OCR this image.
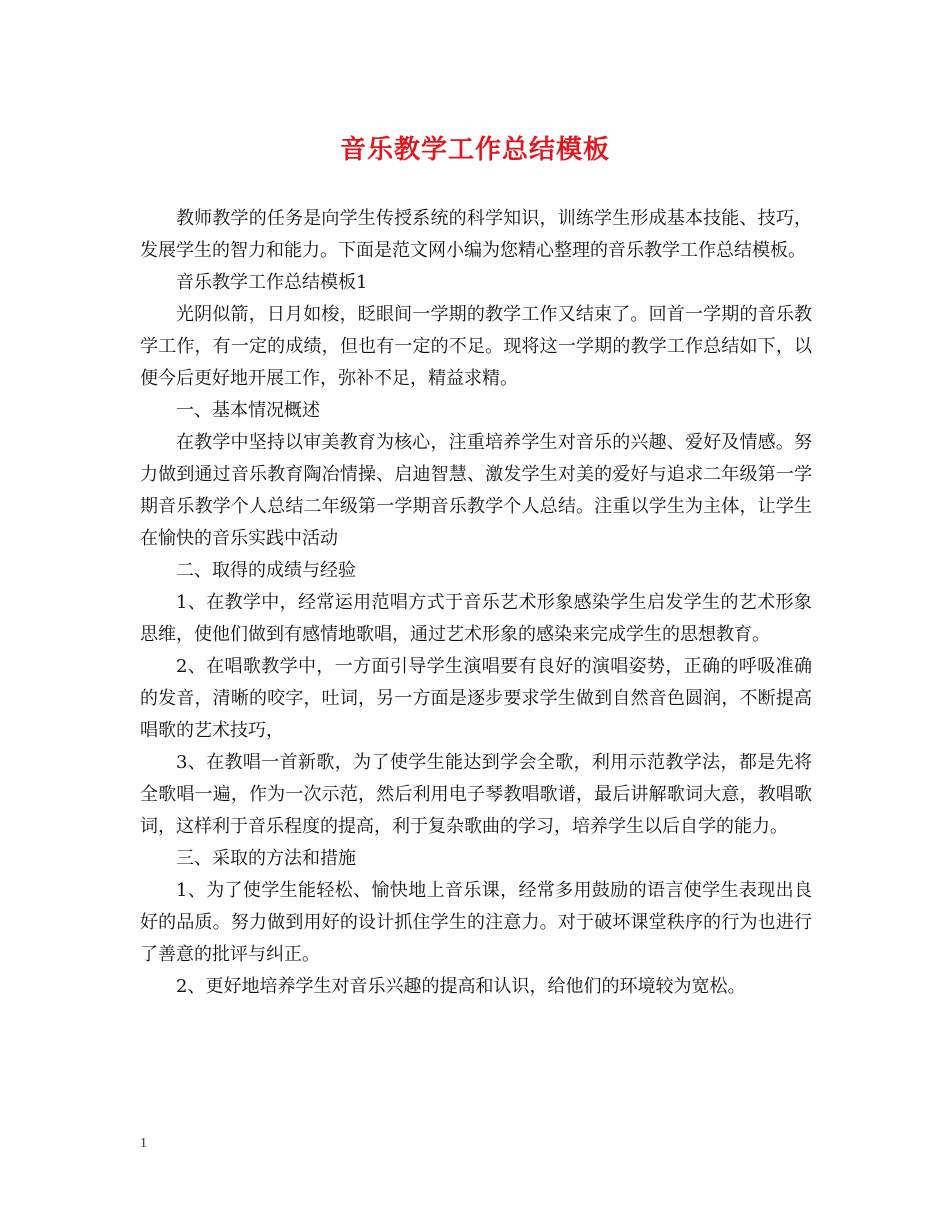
音乐教学工作总结模板

教师教学的任务是向学生传授系统的科学知识，训练学生形成基本技能、技巧，发展学生的智力和能力。下面是范文网小编为您精心整理的音乐教学工作总结模板。

音乐教学工作总结模板1

光阴似箭，日月如梭，眨眼间一学期的教学工作又结束了。回首一学期的音乐教学工作，有一定的成绩，但也有一定的不足。现将这一学期的教学工作总结如下，以便今后更好地开展工作，弥补不足，精益求精。

一、基本情况概述

在教学中坚持以审美教育为核心，注重培养学生对音乐的兴趣、爱好及情感。努力做到通过音乐教育陶冶情操、启迪智慧、激发学生对美的爱好与追求二年级第一学期音乐教学个人总结二年级第一学期音乐教学个人总结。注重以学生为主体，让学生在愉快的音乐实践中活动

二、取得的成绩与经验

1、在教学中，经常运用范唱方式于音乐艺术形象感染学生启发学生的艺术形象思维，使他们做到有感情地歌唱，通过艺术形象的感染来完成学生的思想教育。

2、在唱歌教学中，一方面引导学生演唱要有良好的演唱姿势，正确的呼吸准确的发音，清晰的咬字，吐词，另一方面是逐步要求学生做到自然音色圆润，不断提高唱歌的艺术技巧，

3、在教唱一首新歌，为了使学生能达到学会全歌，利用示范教学法，都是先将全歌唱一遍，作为一次示范，然后利用电子琴教唱歌谱，最后讲解歌词大意，教唱歌词，这样利于音乐程度的提高，利于复杂歌曲的学习，培养学生以后自学的能力。

三、采取的方法和措施

1、为了使学生能轻松、愉快地上音乐课，经常多用鼓励的语言使学生表现出良好的品质。努力做到用好的设计抓住学生的注意力。对于破坏课堂秩序的行为也进行了善意的批评与纠正。

2、更好地培养学生对音乐兴趣的提高和认识，给他们的环境较为宽松。

1
